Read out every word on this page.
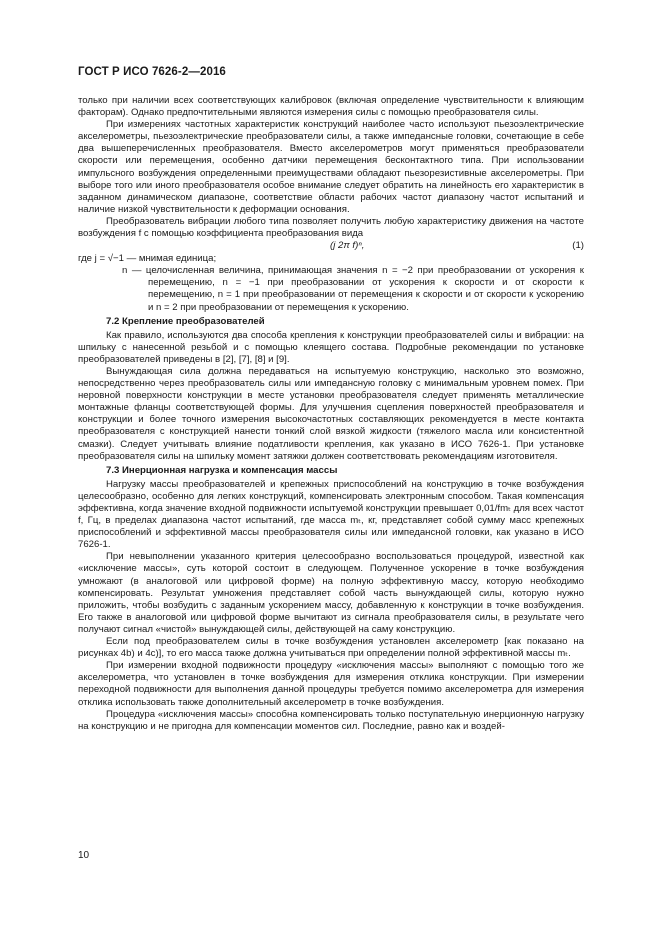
ГОСТ Р ИСО 7626-2—2016

только при наличии всех соответствующих калибровок (включая определение чувствительности к влияющим факторам). Однако предпочтительными являются измерения силы с помощью преобразователя силы.

При измерениях частотных характеристик конструкций наиболее часто используют пьезоэлектрические акселерометры, пьезоэлектрические преобразователи силы, а также импедансные головки, сочетающие в себе два вышеперечисленных преобразователя. Вместо акселерометров могут применяться преобразователи скорости или перемещения, особенно датчики перемещения бесконтактного типа. При использовании импульсного возбуждения определенными преимуществами обладают пьезорезистивные акселерометры. При выборе того или иного преобразователя особое внимание следует обратить на линейность его характеристик в заданном динамическом диапазоне, соответствие области рабочих частот диапазону частот испытаний и наличие низкой чувствительности к деформации основания.

Преобразователь вибрации любого типа позволяет получить любую характеристику движения на частоте возбуждения f с помощью коэффициента преобразования вида

(j 2π f)ⁿ,	(1)

где j = √−1 — мнимая единица;

n — целочисленная величина, принимающая значения n = −2 при преобразовании от ускорения к перемещению, n = −1 при преобразовании от ускорения к скорости и от скорости к перемещению, n = 1 при преобразовании от перемещения к скорости и от скорости к ускорению и n = 2 при преобразовании от перемещения к ускорению.

7.2 Крепление преобразователей

Как правило, используются два способа крепления к конструкции преобразователей силы и вибрации: на шпильку с нанесенной резьбой и с помощью клеящего состава. Подробные рекомендации по установке преобразователей приведены в [2], [7], [8] и [9].

Вынуждающая сила должна передаваться на испытуемую конструкцию, насколько это возможно, непосредственно через преобразователь силы или импедансную головку с минимальным уровнем помех. При неровной поверхности конструкции в месте установки преобразователя следует применять металлические монтажные фланцы соответствующей формы. Для улучшения сцепления поверхностей преобразователя и конструкции и более точного измерения высокочастотных составляющих рекомендуется в месте контакта преобразователя с конструкцией нанести тонкий слой вязкой жидкости (тяжелого масла или консистентной смазки). Следует учитывать влияние податливости крепления, как указано в ИСО 7626-1. При установке преобразователя силы на шпильку момент затяжки должен соответствовать рекомендациям изготовителя.

7.3 Инерционная нагрузка и компенсация массы

Нагрузку массы преобразователей и крепежных приспособлений на конструкцию в точке возбуждения целесообразно, особенно для легких конструкций, компенсировать электронным способом. Такая компенсация эффективна, когда значение входной подвижности испытуемой конструкции превышает 0,01/fmₜ для всех частот f, Гц, в пределах диапазона частот испытаний, где масса mₜ, кг, представляет собой сумму масс крепежных приспособлений и эффективной массы преобразователя силы или импедансной головки, как указано в ИСО 7626-1.

При невыполнении указанного критерия целесообразно воспользоваться процедурой, известной как «исключение массы», суть которой состоит в следующем. Полученное ускорение в точке возбуждения умножают (в аналоговой или цифровой форме) на полную эффективную массу, которую необходимо компенсировать. Результат умножения представляет собой часть вынуждающей силы, которую нужно приложить, чтобы возбудить с заданным ускорением массу, добавленную к конструкции в точке возбуждения. Его также в аналоговой или цифровой форме вычитают из сигнала преобразователя силы, в результате чего получают сигнал «чистой» вынуждающей силы, действующей на саму конструкцию.

Если под преобразователем силы в точке возбуждения установлен акселерометр [как показано на рисунках 4b) и 4c)], то его масса также должна учитываться при определении полной эффективной массы mₜ.

При измерении входной подвижности процедуру «исключения массы» выполняют с помощью того же акселерометра, что установлен в точке возбуждения для измерения отклика конструкции. При измерении переходной подвижности для выполнения данной процедуры требуется помимо акселерометра для измерения отклика использовать также дополнительный акселерометр в точке возбуждения.

Процедура «исключения массы» способна компенсировать только поступательную инерционную нагрузку на конструкцию и не пригодна для компенсации моментов сил. Последние, равно как и воздей-

10
